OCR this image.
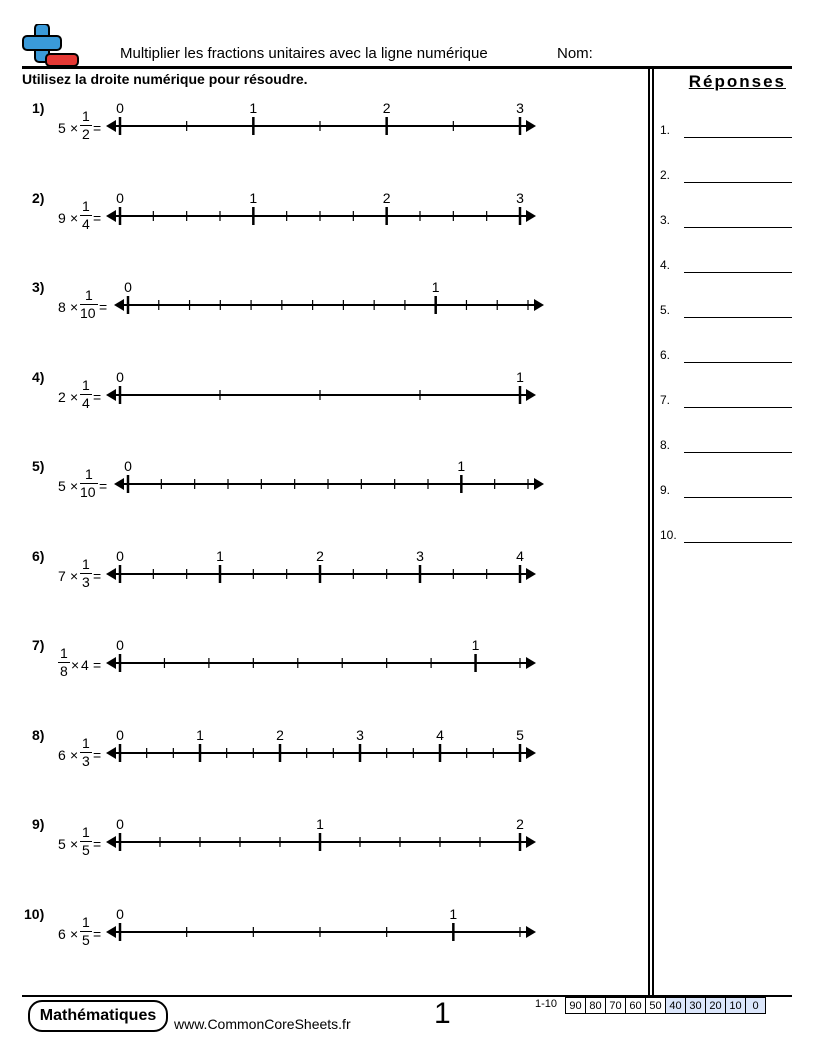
Multiplier les fractions unitaires avec la ligne numérique	Nom:
Utilisez la droite numérique pour résoudre.	Réponses
1.
2.
3.
4.
5.
6.
7.
8.
9.
10.
1)
5 ×
1
2 =
0	1	2	3
2)
9 ×
1
4 =
0	1	2	3
3)
8 ×
1
10 =
0	1
4)
2 ×
1
4 =
0	1
5)
5 ×
1
10 =
0	1
6)
7 ×
1
3 =
0	1	2	3	4
7) 1
8 × 4 =
0	1
8)
6 ×
1
3 =
0	1	2	3	4	5
9)
5 ×
1
5 =
0	1	2
10)
6 ×
1
5 =
0	1
Mathématiques	www.CommonCoreSheets.fr	1	1-10 90	80	70	60	50	40	30	20	10	0
